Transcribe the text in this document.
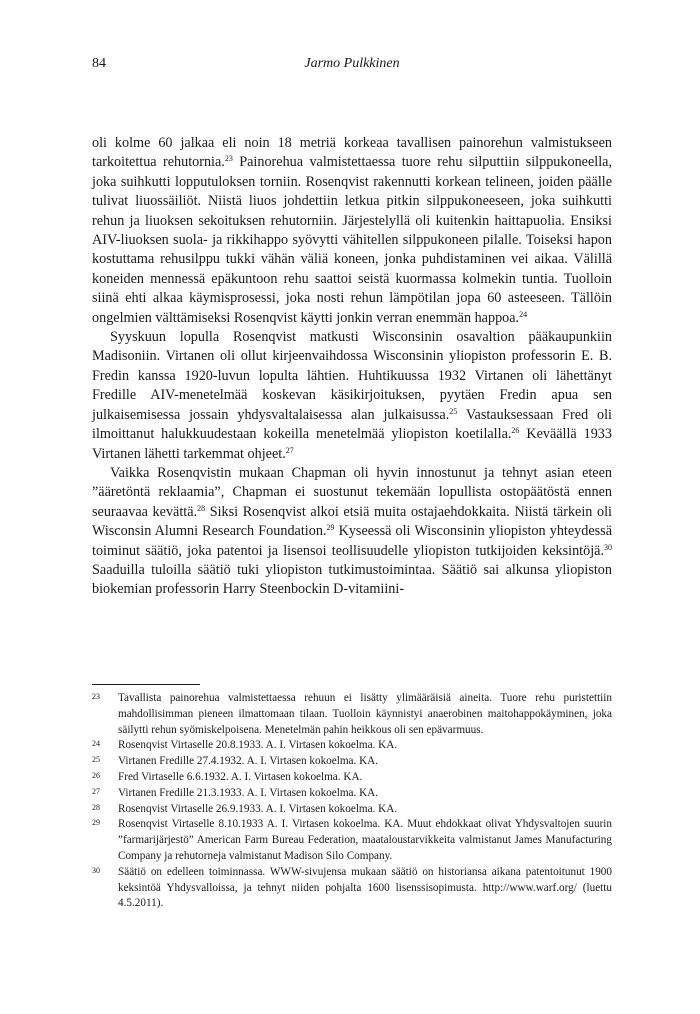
84	Jarmo Pulkkinen

oli kolme 60 jalkaa eli noin 18 metriä korkeaa tavallisen painorehun valmistukseen tarkoitettua rehutornia.$^{23}$ Painorehua valmistettaessa tuore rehu silputtiin silppukoneella, joka suihkutti lopputuloksen torniin. Rosenqvist rakennutti korkean telineen, joiden päälle tulivat liuossäiliöt. Niistä liuos johdettiin letkua pitkin silppukoneeseen, joka suihkutti rehun ja liuoksen sekoituksen rehutorniin. Järjestelyllä oli kuitenkin haittapuolia. Ensiksi AIV-liuoksen suola- ja rikkihappo syövytti vähitellen silppukoneen pilalle. Toiseksi hapon kostuttama rehusilppu tukki vähän väliä koneen, jonka puhdistaminen vei aikaa. Välillä koneiden mennessä epäkuntoon rehu saattoi seistä kuormassa kolmekin tuntia. Tuolloin siinä ehti alkaa käymisprosessi, joka nosti rehun lämpötilan jopa 60 asteeseen. Tällöin ongelmien välttämiseksi Rosenqvist käytti jonkin verran enemmän happoa.$^{24}$

Syyskuun lopulla Rosenqvist matkusti Wisconsinin osavaltion pääkaupunkiin Madisoniin. Virtanen oli ollut kirjeenvaihdossa Wisconsinin yliopiston professorin E. B. Fredin kanssa 1920-luvun lopulta lähtien. Huhtikuussa 1932 Virtanen oli lähettänyt Fredille AIV-menetelmää koskevan käsikirjoituksen, pyytäen Fredin apua sen julkaisemisessa jossain yhdysvaltalaisessa alan julkaisussa.$^{25}$ Vastauksessaan Fred oli ilmoittanut halukkuudestaan kokeilla menetelmää yliopiston koetilalla.$^{26}$ Keväällä 1933 Virtanen lähetti tarkemmat ohjeet.$^{27}$

Vaikka Rosenqvistin mukaan Chapman oli hyvin innostunut ja tehnyt asian eteen ”ääretöntä reklaamia”, Chapman ei suostunut tekemään lopullista ostopäätöstä ennen seuraavaa kevättä.$^{28}$ Siksi Rosenqvist alkoi etsiä muita ostajaehdokkaita. Niistä tärkein oli Wisconsin Alumni Research Foundation.$^{29}$ Kyseessä oli Wisconsinin yliopiston yhteydessä toiminut säätiö, joka patentoi ja lisensoi teollisuudelle yliopiston tutkijoiden keksintöjä.$^{30}$ Saaduilla tuloilla säätiö tuki yliopiston tutkimustoimintaa. Säätiö sai alkunsa yliopiston biokemian professorin Harry Steenbockin D-vitamiini-

23	Tavallista painorehua valmistettaessa rehuun ei lisätty ylimääräisiä aineita. Tuore rehu puristettiin mahdollisimman pieneen ilmattomaan tilaan. Tuolloin käynnistyi anaerobinen maitohappokäyminen, joka säilytti rehun syömiskelpoisena. Menetelmän pahin heikkous oli sen epävarmuus.
24	Rosenqvist Virtaselle 20.8.1933. A. I. Virtasen kokoelma. KA.
25	Virtanen Fredille 27.4.1932. A. I. Virtasen kokoelma. KA.
26	Fred Virtaselle 6.6.1932. A. I. Virtasen kokoelma. KA.
27	Virtanen Fredille 21.3.1933. A. I. Virtasen kokoelma. KA.
28	Rosenqvist Virtaselle 26.9.1933. A. I. Virtasen kokoelma. KA.
29	Rosenqvist Virtaselle 8.10.1933 A. I. Virtasen kokoelma. KA. Muut ehdokkaat olivat Yhdysvaltojen suurin ”farmarijärjestö” American Farm Bureau Federation, maataloustarvikkeita valmistanut James Manufacturing Company ja rehutorneja valmistanut Madison Silo Company.
30	Säätiö on edelleen toiminnassa. WWW-sivujensa mukaan säätiö on historiansa aikana patentoitunut 1900 keksintöä Yhdysvalloissa, ja tehnyt niiden pohjalta 1600 lisenssisopimusta. http://www.warf.org/ (luettu 4.5.2011).
